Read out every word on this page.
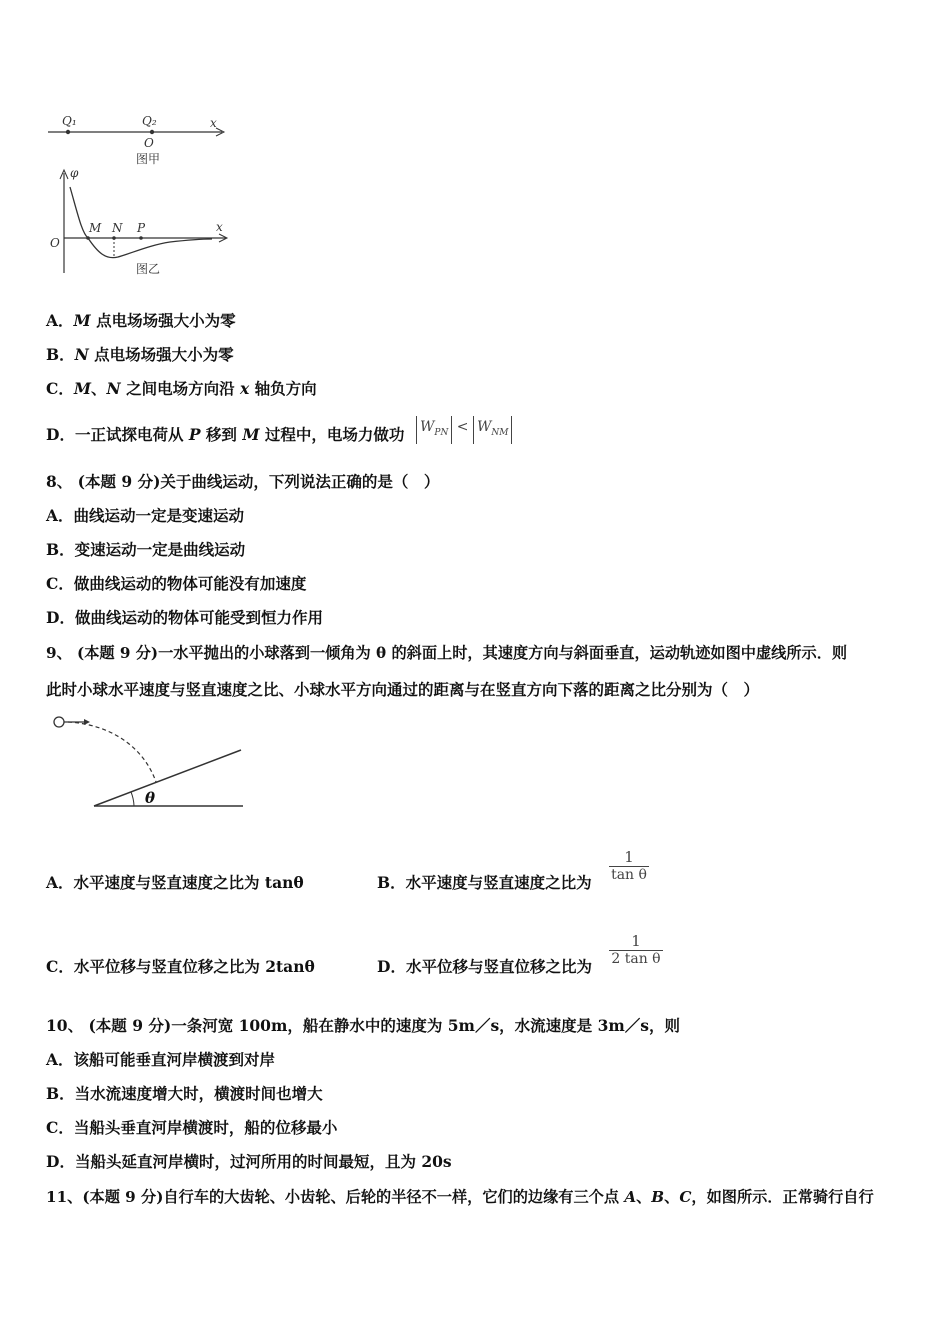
Q₁	Q₂	x
O
图甲
φ
O
M N P	x
图乙
A．M 点电场场强大小为零
B．N 点电场场强大小为零
C．M、N 之间电场方向沿 x 轴负方向
D．一正试探电荷从 P 移到 M 过程中，电场力做功 $W_{PN} < W_{NM}$
8、 (本题 9 分)关于曲线运动，下列说法正确的是（　）
A．曲线运动一定是变速运动
B．变速运动一定是曲线运动
C．做曲线运动的物体可能没有加速度
D．做曲线运动的物体可能受到恒力作用
9、 (本题 9 分)一水平抛出的小球落到一倾角为 θ 的斜面上时，其速度方向与斜面垂直，运动轨迹如图中虚线所示．则
此时小球水平速度与竖直速度之比、小球水平方向通过的距离与在竖直方向下落的距离之比分别为（　）
θ
A．水平速度与竖直速度之比为 tanθ	B．水平速度与竖直速度之比为
1
tan θ
C．水平位移与竖直位移之比为 2tanθ	D．水平位移与竖直位移之比为
1
2 tan θ
10、 (本题 9 分)一条河宽 100m，船在静水中的速度为 5m／s，水流速度是 3m／s，则
A．该船可能垂直河岸横渡到对岸
B．当水流速度增大时，横渡时间也增大
C．当船头垂直河岸横渡时，船的位移最小
D．当船头延直河岸横时，过河所用的时间最短，且为 20s
11、(本题 9 分)自行车的大齿轮、小齿轮、后轮的半径不一样，它们的边缘有三个点 A、B、C，如图所示．正常骑行自行
